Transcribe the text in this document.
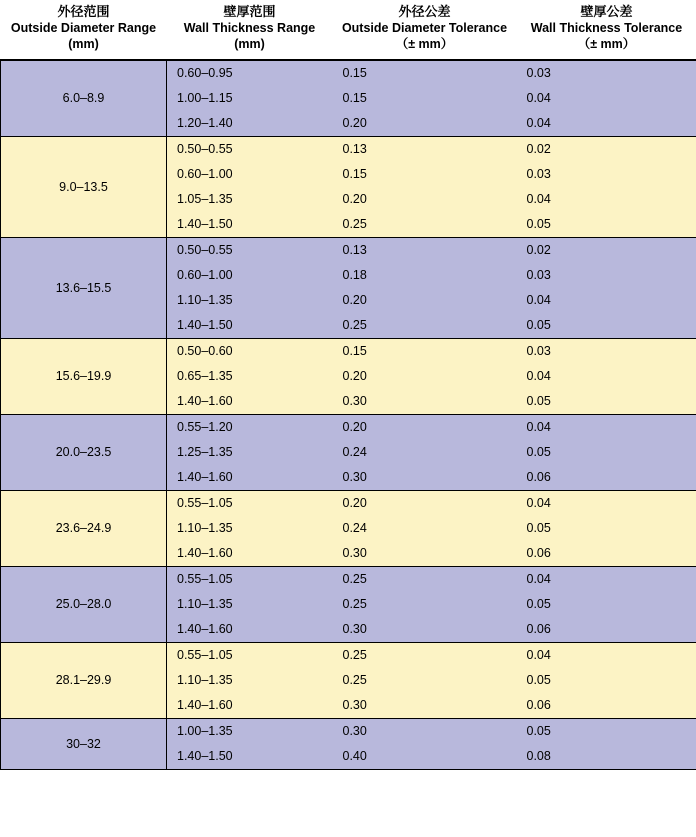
外径范围
Outside Diameter Range
(mm)	壁厚范围
Wall Thickness Range
(mm)	外径公差
Outside Diameter Tolerance
（± mm）	壁厚公差
Wall Thickness Tolerance
（± mm）

6.0–8.9	0.60–0.95	0.15	0.03
	1.00–1.15	0.15	0.04
	1.20–1.40	0.20	0.04
9.0–13.5	0.50–0.55	0.13	0.02
	0.60–1.00	0.15	0.03
	1.05–1.35	0.20	0.04
	1.40–1.50	0.25	0.05
13.6–15.5	0.50–0.55	0.13	0.02
	0.60–1.00	0.18	0.03
	1.10–1.35	0.20	0.04
	1.40–1.50	0.25	0.05
15.6–19.9	0.50–0.60	0.15	0.03
	0.65–1.35	0.20	0.04
	1.40–1.60	0.30	0.05
20.0–23.5	0.55–1.20	0.20	0.04
	1.25–1.35	0.24	0.05
	1.40–1.60	0.30	0.06
23.6–24.9	0.55–1.05	0.20	0.04
	1.10–1.35	0.24	0.05
	1.40–1.60	0.30	0.06
25.0–28.0	0.55–1.05	0.25	0.04
	1.10–1.35	0.25	0.05
	1.40–1.60	0.30	0.06
28.1–29.9	0.55–1.05	0.25	0.04
	1.10–1.35	0.25	0.05
	1.40–1.60	0.30	0.06
30–32	1.00–1.35	0.30	0.05
	1.40–1.50	0.40	0.08
